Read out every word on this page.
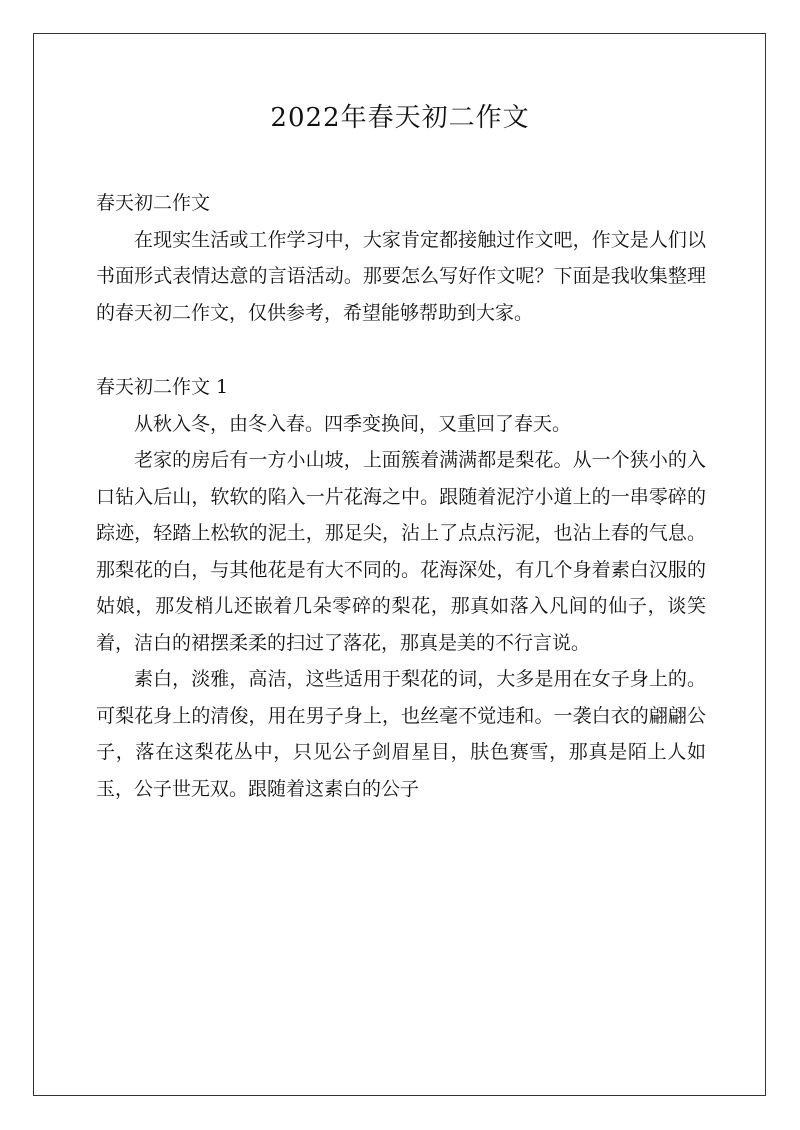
2022年春天初二作文

春天初二作文

在现实生活或工作学习中，大家肯定都接触过作文吧，作文是人们以书面形式表情达意的言语活动。那要怎么写好作文呢？下面是我收集整理的春天初二作文，仅供参考，希望能够帮助到大家。

春天初二作文 1

从秋入冬，由冬入春。四季变换间，又重回了春天。

老家的房后有一方小山坡，上面簇着满满都是梨花。从一个狭小的入口钻入后山，软软的陷入一片花海之中。跟随着泥泞小道上的一串零碎的踪迹，轻踏上松软的泥土，那足尖，沾上了点点污泥，也沾上春的气息。那梨花的白，与其他花是有大不同的。花海深处，有几个身着素白汉服的姑娘，那发梢儿还嵌着几朵零碎的梨花，那真如落入凡间的仙子，谈笑着，洁白的裙摆柔柔的扫过了落花，那真是美的不行言说。

素白，淡雅，高洁，这些适用于梨花的词，大多是用在女子身上的。可梨花身上的清俊，用在男子身上，也丝毫不觉违和。一袭白衣的翩翩公子，落在这梨花丛中，只见公子剑眉星目，肤色赛雪，那真是陌上人如玉，公子世无双。跟随着这素白的公子
